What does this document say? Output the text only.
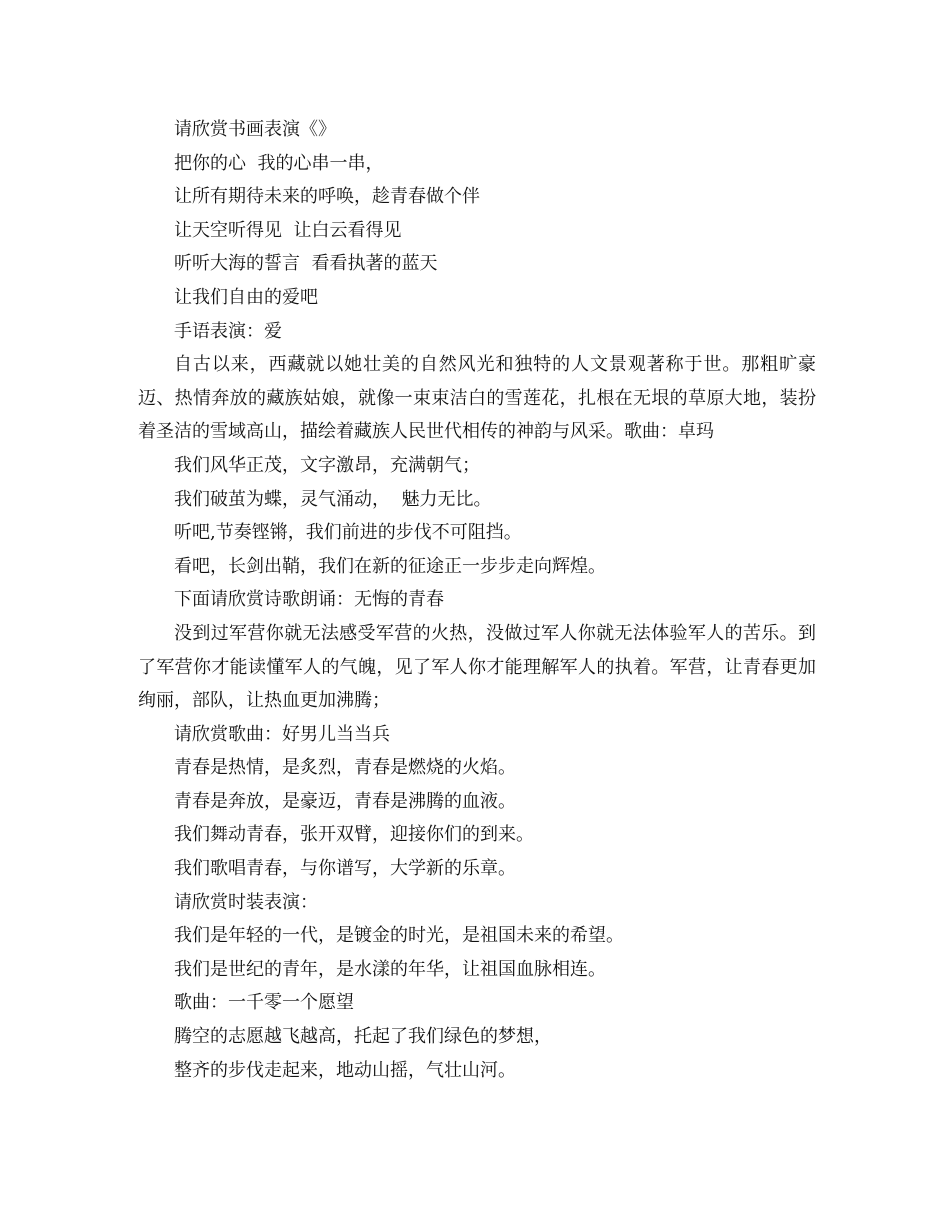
请欣赏书画表演《》

把你的心  我的心串一串，

让所有期待未来的呼唤，趁青春做个伴

让天空听得见  让白云看得见

听听大海的誓言  看看执著的蓝天

让我们自由的爱吧

手语表演：爱

自古以来，西藏就以她壮美的自然风光和独特的人文景观著称于世。那粗旷豪迈、热情奔放的藏族姑娘，就像一束束洁白的雪莲花，扎根在无垠的草原大地，装扮着圣洁的雪域高山，描绘着藏族人民世代相传的神韵与风采。歌曲：卓玛

我们风华正茂，文字激昂，充满朝气；

我们破茧为蝶，灵气涌动，  魅力无比。

听吧,节奏铿锵，我们前进的步伐不可阻挡。

看吧，长剑出鞘，我们在新的征途正一步步走向辉煌。

下面请欣赏诗歌朗诵：无悔的青春

没到过军营你就无法感受军营的火热，没做过军人你就无法体验军人的苦乐。到了军营你才能读懂军人的气魄，见了军人你才能理解军人的执着。军营，让青春更加绚丽，部队，让热血更加沸腾；

请欣赏歌曲：好男儿当当兵

青春是热情，是炙烈，青春是燃烧的火焰。

青春是奔放，是豪迈，青春是沸腾的血液。

我们舞动青春，张开双臂，迎接你们的到来。

我们歌唱青春，与你谱写，大学新的乐章。

请欣赏时装表演：

我们是年轻的一代，是镀金的时光，是祖国未来的希望。

我们是世纪的青年，是水漾的年华，让祖国血脉相连。

歌曲：一千零一个愿望

腾空的志愿越飞越高，托起了我们绿色的梦想，

整齐的步伐走起来，地动山摇，气壮山河。
